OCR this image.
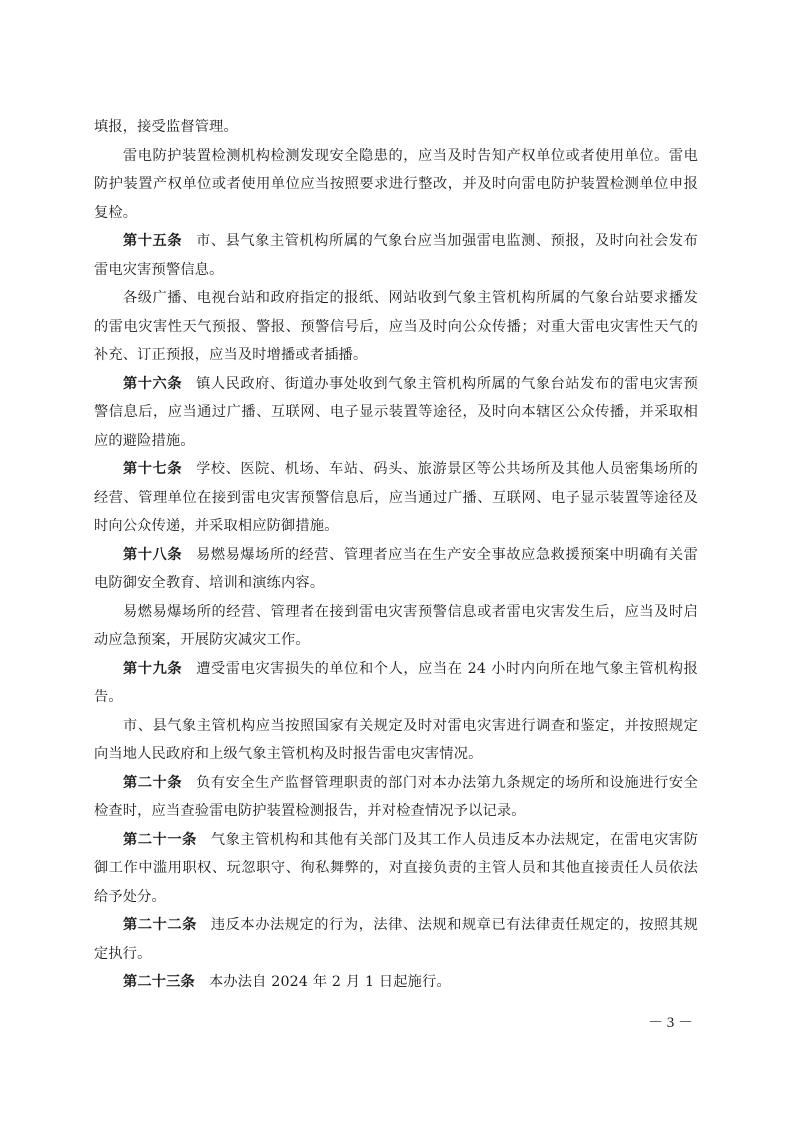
填报，接受监督管理。

雷电防护装置检测机构检测发现安全隐患的，应当及时告知产权单位或者使用单位。雷电防护装置产权单位或者使用单位应当按照要求进行整改，并及时向雷电防护装置检测单位申报复检。

第十五条 市、县气象主管机构所属的气象台应当加强雷电监测、预报，及时向社会发布雷电灾害预警信息。

各级广播、电视台站和政府指定的报纸、网站收到气象主管机构所属的气象台站要求播发的雷电灾害性天气预报、警报、预警信号后，应当及时向公众传播；对重大雷电灾害性天气的补充、订正预报，应当及时增播或者插播。

第十六条 镇人民政府、街道办事处收到气象主管机构所属的气象台站发布的雷电灾害预警信息后，应当通过广播、互联网、电子显示装置等途径，及时向本辖区公众传播，并采取相应的避险措施。

第十七条 学校、医院、机场、车站、码头、旅游景区等公共场所及其他人员密集场所的经营、管理单位在接到雷电灾害预警信息后，应当通过广播、互联网、电子显示装置等途径及时向公众传递，并采取相应防御措施。

第十八条 易燃易爆场所的经营、管理者应当在生产安全事故应急救援预案中明确有关雷电防御安全教育、培训和演练内容。

易燃易爆场所的经营、管理者在接到雷电灾害预警信息或者雷电灾害发生后，应当及时启动应急预案，开展防灾减灾工作。

第十九条 遭受雷电灾害损失的单位和个人，应当在 24 小时内向所在地气象主管机构报告。

市、县气象主管机构应当按照国家有关规定及时对雷电灾害进行调查和鉴定，并按照规定向当地人民政府和上级气象主管机构及时报告雷电灾害情况。

第二十条 负有安全生产监督管理职责的部门对本办法第九条规定的场所和设施进行安全检查时，应当查验雷电防护装置检测报告，并对检查情况予以记录。

第二十一条 气象主管机构和其他有关部门及其工作人员违反本办法规定，在雷电灾害防御工作中滥用职权、玩忽职守、徇私舞弊的，对直接负责的主管人员和其他直接责任人员依法给予处分。

第二十二条 违反本办法规定的行为，法律、法规和规章已有法律责任规定的，按照其规定执行。

第二十三条 本办法自 2024 年 2 月 1 日起施行。

－ 3 －
